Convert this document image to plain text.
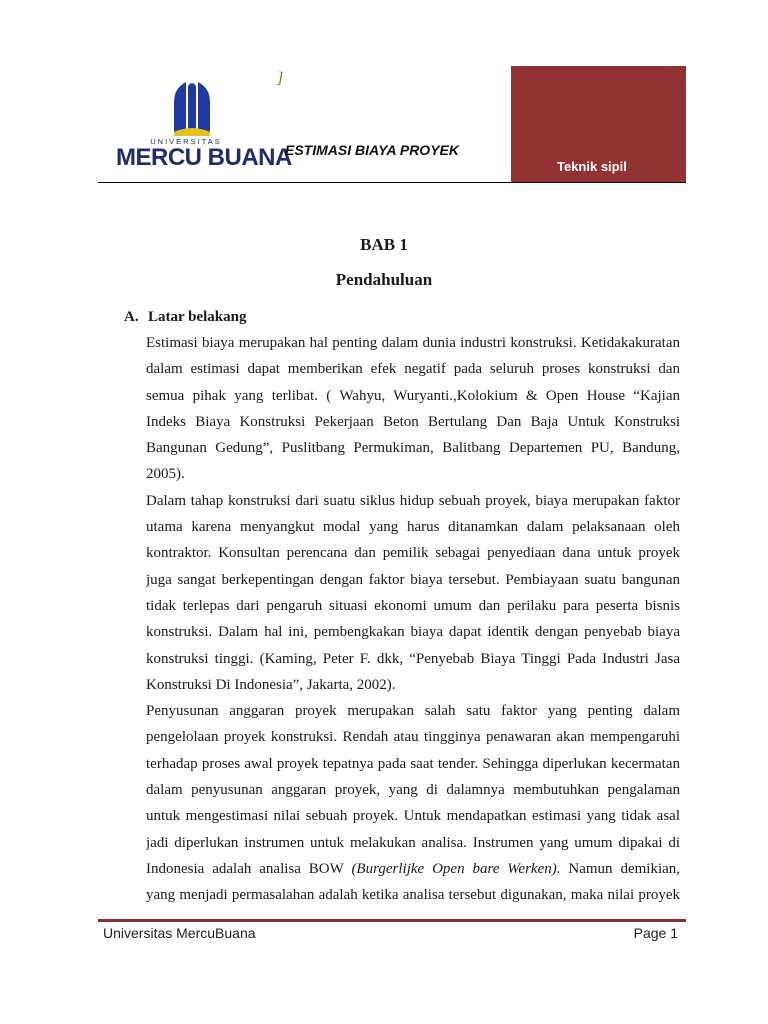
]
UNIVERSITAS
MERCU BUANA
ESTIMASI BIAYA PROYEK
Teknik sipil
BAB 1
Pendahuluan
A. Latar belakang
Estimasi biaya merupakan hal penting dalam dunia industri konstruksi. Ketidakakuratan
dalam estimasi dapat memberikan efek negatif pada seluruh proses konstruksi dan
semua pihak yang terlibat. ( Wahyu, Wuryanti.,Kolokium & Open House “Kajian
Indeks Biaya Konstruksi Pekerjaan Beton Bertulang Dan Baja Untuk Konstruksi
Bangunan Gedung”, Puslitbang Permukiman, Balitbang Departemen PU, Bandung,
2005).
Dalam tahap konstruksi dari suatu siklus hidup sebuah proyek, biaya merupakan faktor
utama karena menyangkut modal yang harus ditanamkan dalam pelaksanaan oleh
kontraktor. Konsultan perencana dan pemilik sebagai penyediaan dana untuk proyek
juga sangat berkepentingan dengan faktor biaya tersebut. Pembiayaan suatu bangunan
tidak terlepas dari pengaruh situasi ekonomi umum dan perilaku para peserta bisnis
konstruksi. Dalam hal ini, pembengkakan biaya dapat identik dengan penyebab biaya
konstruksi tinggi. (Kaming, Peter F. dkk, “Penyebab Biaya Tinggi Pada Industri Jasa
Konstruksi Di Indonesia”, Jakarta, 2002).
Penyusunan anggaran proyek merupakan salah satu faktor yang penting dalam
pengelolaan proyek konstruksi. Rendah atau tingginya penawaran akan mempengaruhi
terhadap proses awal proyek tepatnya pada saat tender. Sehingga diperlukan kecermatan
dalam penyusunan anggaran proyek, yang di dalamnya membutuhkan pengalaman
untuk mengestimasi nilai sebuah proyek. Untuk mendapatkan estimasi yang tidak asal
jadi diperlukan instrumen untuk melakukan analisa. Instrumen yang umum dipakai di
Indonesia adalah analisa BOW (Burgerlijke Open bare Werken). Namun demikian,
yang menjadi permasalahan adalah ketika analisa tersebut digunakan, maka nilai proyek
Universitas MercuBuana	Page 1
